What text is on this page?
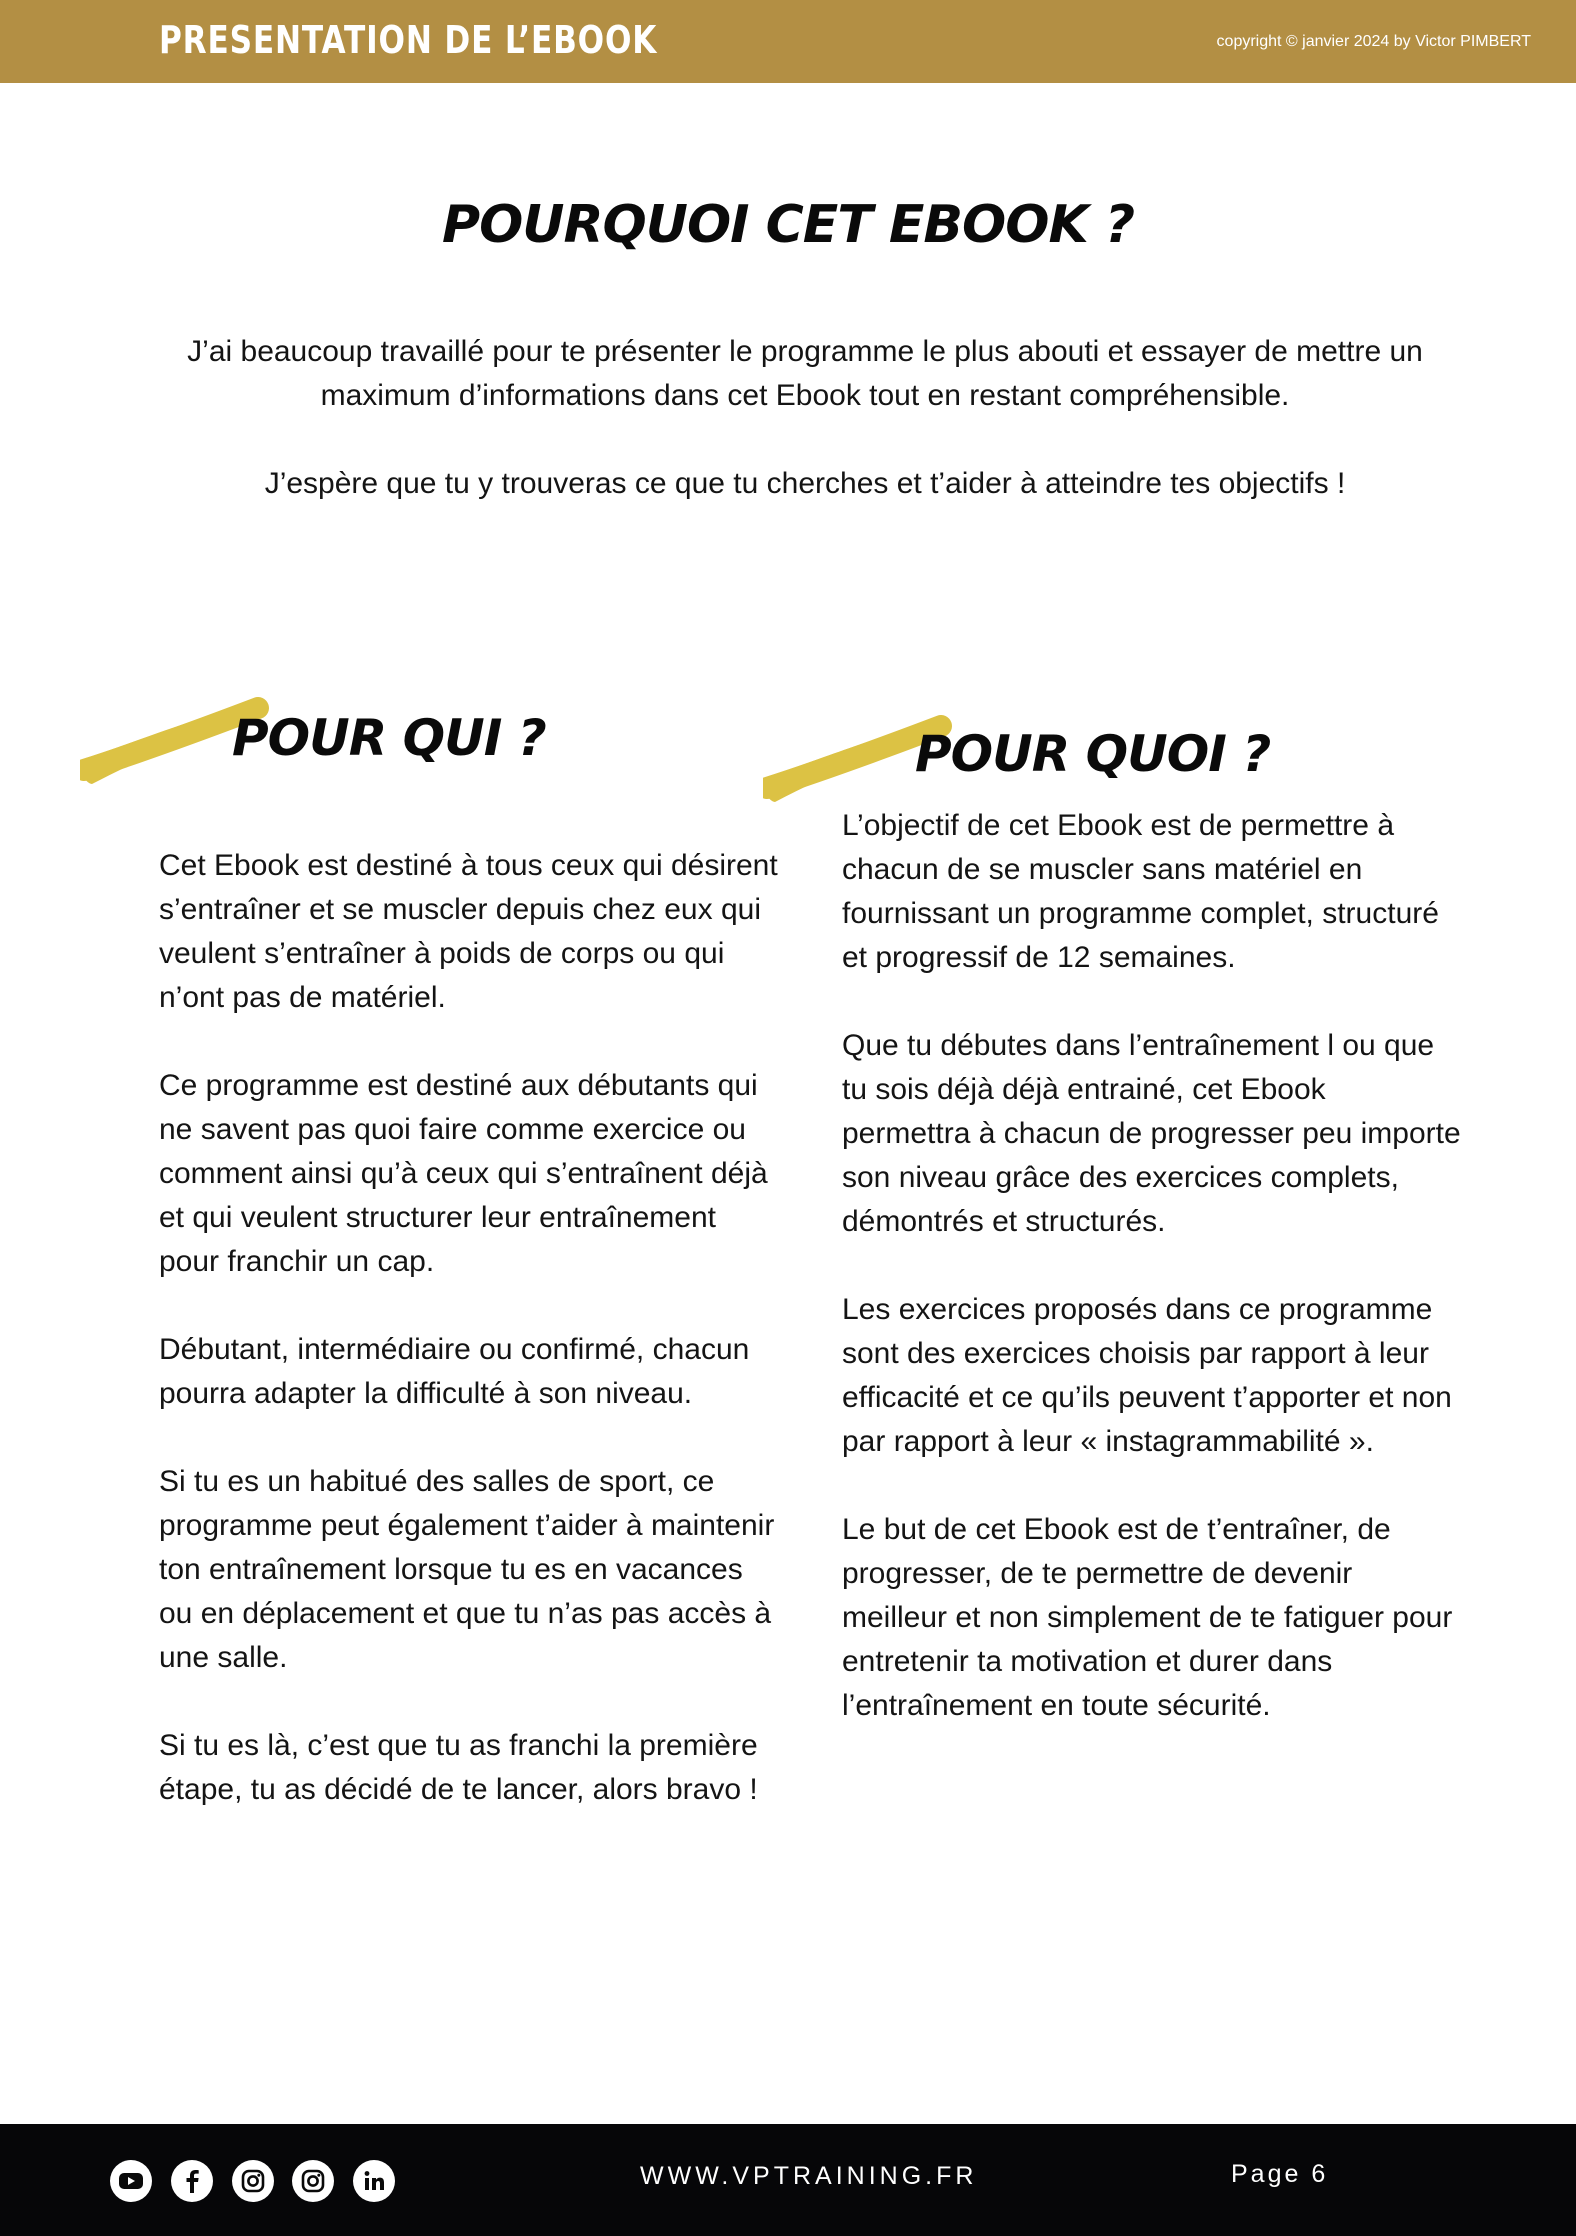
PRESENTATION DE L’EBOOK	copyright © janvier 2024 by Victor PIMBERT
POURQUOI CET EBOOK ?

J’ai beaucoup travaillé pour te présenter le programme le plus abouti et essayer de mettre un maximum d’informations dans cet Ebook tout en restant compréhensible.

J’espère que tu y trouveras ce que tu cherches et t’aider à atteindre tes objectifs !

POUR QUI ?

Cet Ebook est destiné à tous ceux qui désirent s’entraîner et se muscler depuis chez eux qui veulent s’entraîner à poids de corps ou qui n’ont pas de matériel.

Ce programme est destiné aux débutants qui ne savent pas quoi faire comme exercice ou comment ainsi qu’à ceux qui s’entraînent déjà et qui veulent structurer leur entraînement pour franchir un cap.

Débutant, intermédiaire ou confirmé, chacun pourra adapter la difficulté à son niveau.

Si tu es un habitué des salles de sport, ce programme peut également t’aider à maintenir ton entraînement lorsque tu es en vacances ou en déplacement et que tu n’as pas accès à une salle.

Si tu es là, c’est que tu as franchi la première étape, tu as décidé de te lancer, alors bravo !

POUR QUOI ?

L’objectif de cet Ebook est de permettre à chacun de se muscler sans matériel en fournissant un programme complet, structuré et progressif de 12 semaines.

Que tu débutes dans l’entraînement l ou que tu sois déjà déjà entrainé, cet Ebook permettra à chacun de progresser peu importe son niveau grâce des exercices complets, démontrés et structurés.

Les exercices proposés dans ce programme sont des exercices choisis par rapport à leur efficacité et ce qu’ils peuvent t’apporter et non par rapport à leur « instagrammabilité ».

Le but de cet Ebook est de t’entraîner, de progresser, de te permettre de devenir meilleur et non simplement de te fatiguer pour entretenir ta motivation et durer dans l’entraînement en toute sécurité.

WWW.VPTRAINING.FR	Page 6
